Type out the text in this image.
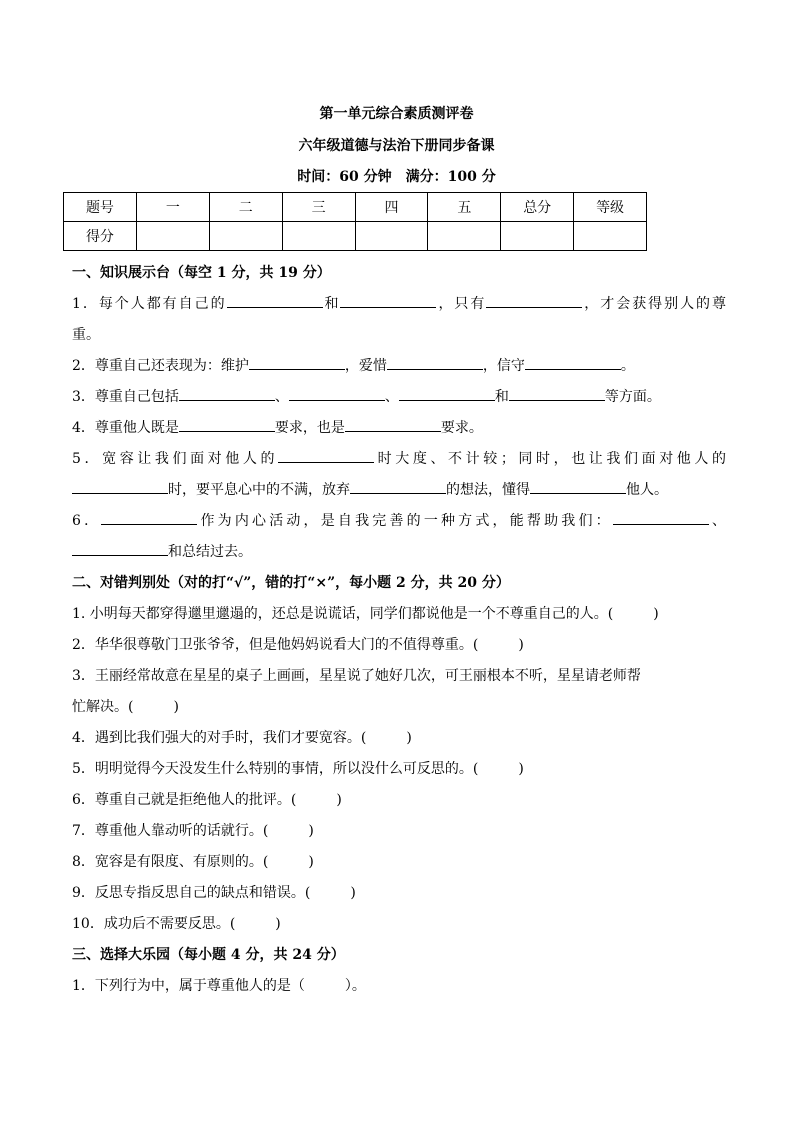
第一单元综合素质测评卷
六年级道德与法治下册同步备课
时间：60 分钟　满分：100 分
题号	一	二	三	四	五	总分	等级
得分							
一、知识展示台（每空 1 分，共 19 分）
1．每个人都有自己的	和	，只有	，才会获得别人的尊
重。
2．尊重自己还表现为：维护	，爱惜	，信守	。
3．尊重自己包括	、	、	和	等方面。
4．尊重他人既是	要求，也是	要求。
5．宽容让我们面对他人的	时大度、不计较；同时，也让我们面对他人的
时，要平息心中的不满，放弃	的想法，懂得	他人。
6．	作为内心活动，是自我完善的一种方式，能帮助我们：	、
和总结过去。
二、对错判别处（对的打“√”，错的打“×”，每小题 2 分，共 20 分）
1. 小明每天都穿得邋里邋遢的，还总是说谎话，同学们都说他是一个不尊重自己的人。(	)
2．华华很尊敬门卫张爷爷，但是他妈妈说看大门的不值得尊重。(	)
3．王丽经常故意在星星的桌子上画画，星星说了她好几次，可王丽根本不听，星星请老师帮
忙解决。(	)
4．遇到比我们强大的对手时，我们才要宽容。(	)
5．明明觉得今天没发生什么特别的事情，所以没什么可反思的。(	)
6．尊重自己就是拒绝他人的批评。(	)
7．尊重他人靠动听的话就行。(	)
8．宽容是有限度、有原则的。(	)
9．反思专指反思自己的缺点和错误。(	)
10．成功后不需要反思。(	)
三、选择大乐园（每小题 4 分，共 24 分）
1．下列行为中，属于尊重他人的是（	）。
